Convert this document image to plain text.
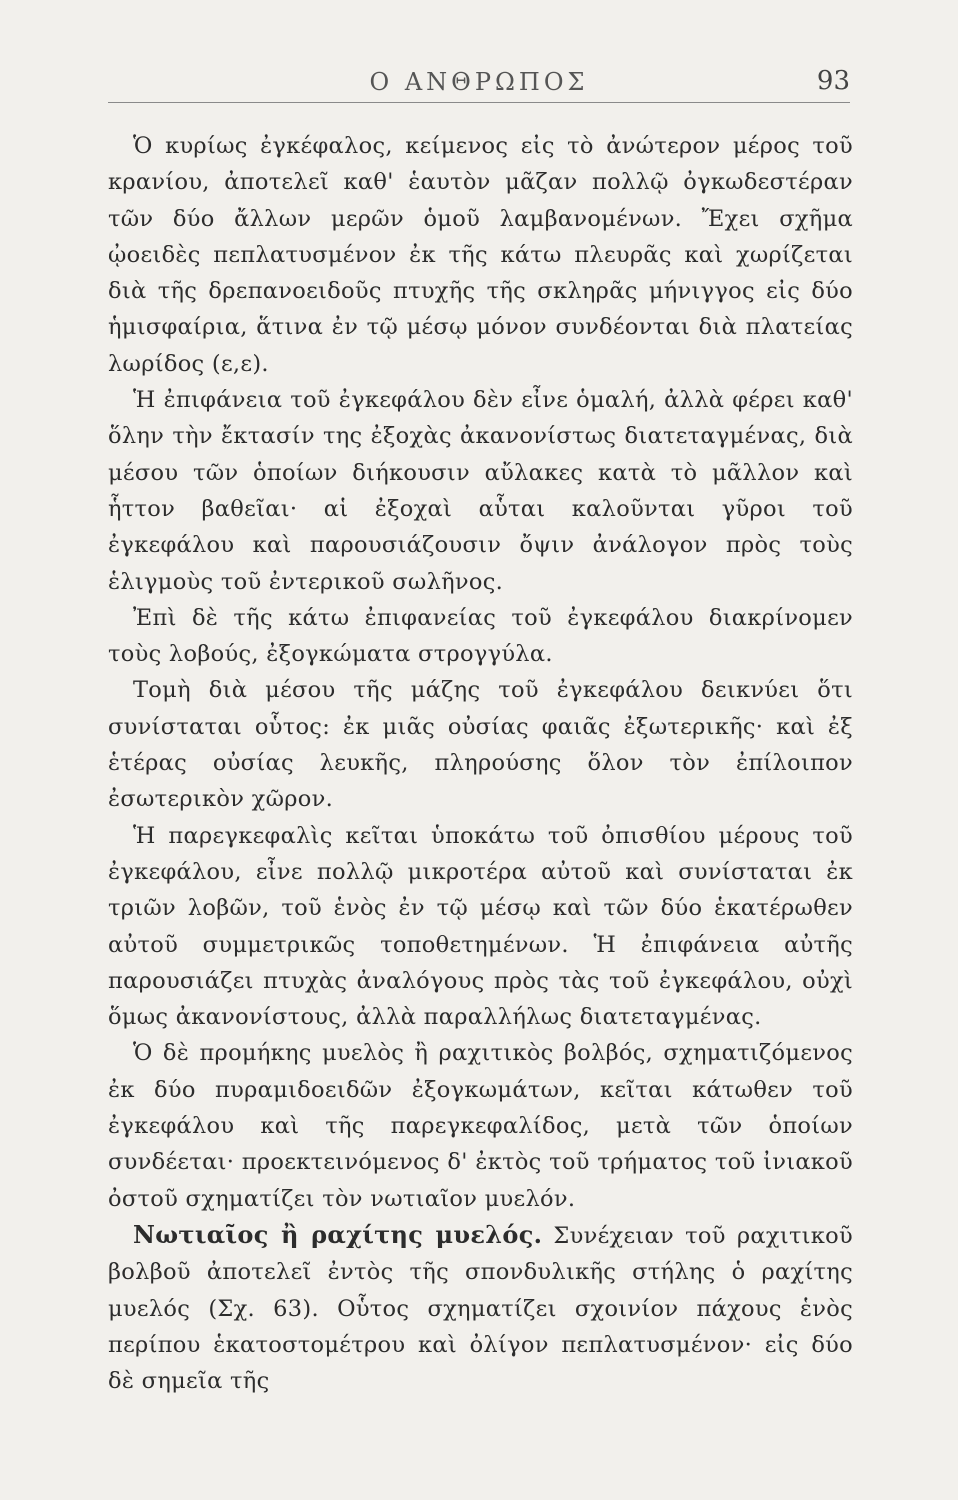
Ο ΑΝΘΡΩΠΟΣ	93

Ὁ κυρίως ἐγκέφαλος, κείμενος εἰς τὸ ἀνώτερον μέρος τοῦ κρανίου, ἀποτελεῖ καθ' ἑαυτὸν μᾶζαν πολλῷ ὀγκωδεστέραν τῶν δύο ἄλλων μερῶν ὁμοῦ λαμβανομένων. Ἔχει σχῆμα ᾠοειδὲς πεπλατυσμένον ἐκ τῆς κάτω πλευρᾶς καὶ χωρίζεται διὰ τῆς δρεπανοειδοῦς πτυχῆς τῆς σκληρᾶς μήνιγγος εἰς δύο ἡμισφαίρια, ἅτινα ἐν τῷ μέσῳ μόνον συνδέονται διὰ πλατείας λωρίδος (ε,ε).

Ἡ ἐπιφάνεια τοῦ ἐγκεφάλου δὲν εἶνε ὁμαλή, ἀλλὰ φέρει καθ' ὅλην τὴν ἔκτασίν της ἐξοχὰς ἀκανονίστως διατεταγμένας, διὰ μέσου τῶν ὁποίων διήκουσιν αὔλακες κατὰ τὸ μᾶλλον καὶ ἧττον βαθεῖαι· αἱ ἐξοχαὶ αὗται καλοῦνται γῦροι τοῦ ἐγκεφάλου καὶ παρουσιάζουσιν ὄψιν ἀνάλογον πρὸς τοὺς ἑλιγμοὺς τοῦ ἐντερικοῦ σωλῆνος.

Ἐπὶ δὲ τῆς κάτω ἐπιφανείας τοῦ ἐγκεφάλου διακρίνομεν τοὺς λοβούς, ἐξογκώματα στρογγύλα.

Τομὴ διὰ μέσου τῆς μάζης τοῦ ἐγκεφάλου δεικνύει ὅτι συνίσταται οὗτος: ἐκ μιᾶς οὐσίας φαιᾶς ἐξωτερικῆς· καὶ ἐξ ἑτέρας οὐσίας λευκῆς, πληρούσης ὅλον τὸν ἐπίλοιπον ἐσωτερικὸν χῶρον.

Ἡ παρεγκεφαλὶς κεῖται ὑποκάτω τοῦ ὀπισθίου μέρους τοῦ ἐγκεφάλου, εἶνε πολλῷ μικροτέρα αὐτοῦ καὶ συνίσταται ἐκ τριῶν λοβῶν, τοῦ ἑνὸς ἐν τῷ μέσῳ καὶ τῶν δύο ἑκατέρωθεν αὐτοῦ συμμετρικῶς τοποθετημένων. Ἡ ἐπιφάνεια αὐτῆς παρουσιάζει πτυχὰς ἀναλόγους πρὸς τὰς τοῦ ἐγκεφάλου, οὐχὶ ὅμως ἀκανονίστους, ἀλλὰ παραλλήλως διατεταγμένας.

Ὁ δὲ προμήκης μυελὸς ἢ ραχιτικὸς βολβός, σχηματιζόμενος ἐκ δύο πυραμιδοειδῶν ἐξογκωμάτων, κεῖται κάτωθεν τοῦ ἐγκεφάλου καὶ τῆς παρεγκεφαλίδος, μετὰ τῶν ὁποίων συνδέεται· προεκτεινόμενος δ' ἐκτὸς τοῦ τρήματος τοῦ ἰνιακοῦ ὀστοῦ σχηματίζει τὸν νωτιαῖον μυελόν.

Νωτιαῖος ἢ ραχίτης μυελός. Συνέχειαν τοῦ ραχιτικοῦ βολβοῦ ἀποτελεῖ ἐντὸς τῆς σπονδυλικῆς στήλης ὁ ραχίτης μυελός (Σχ. 63). Οὗτος σχηματίζει σχοινίον πάχους ἑνὸς περίπου ἑκατοστομέτρου καὶ ὀλίγον πεπλατυσμένον· εἰς δύο δὲ σημεῖα τῆς
